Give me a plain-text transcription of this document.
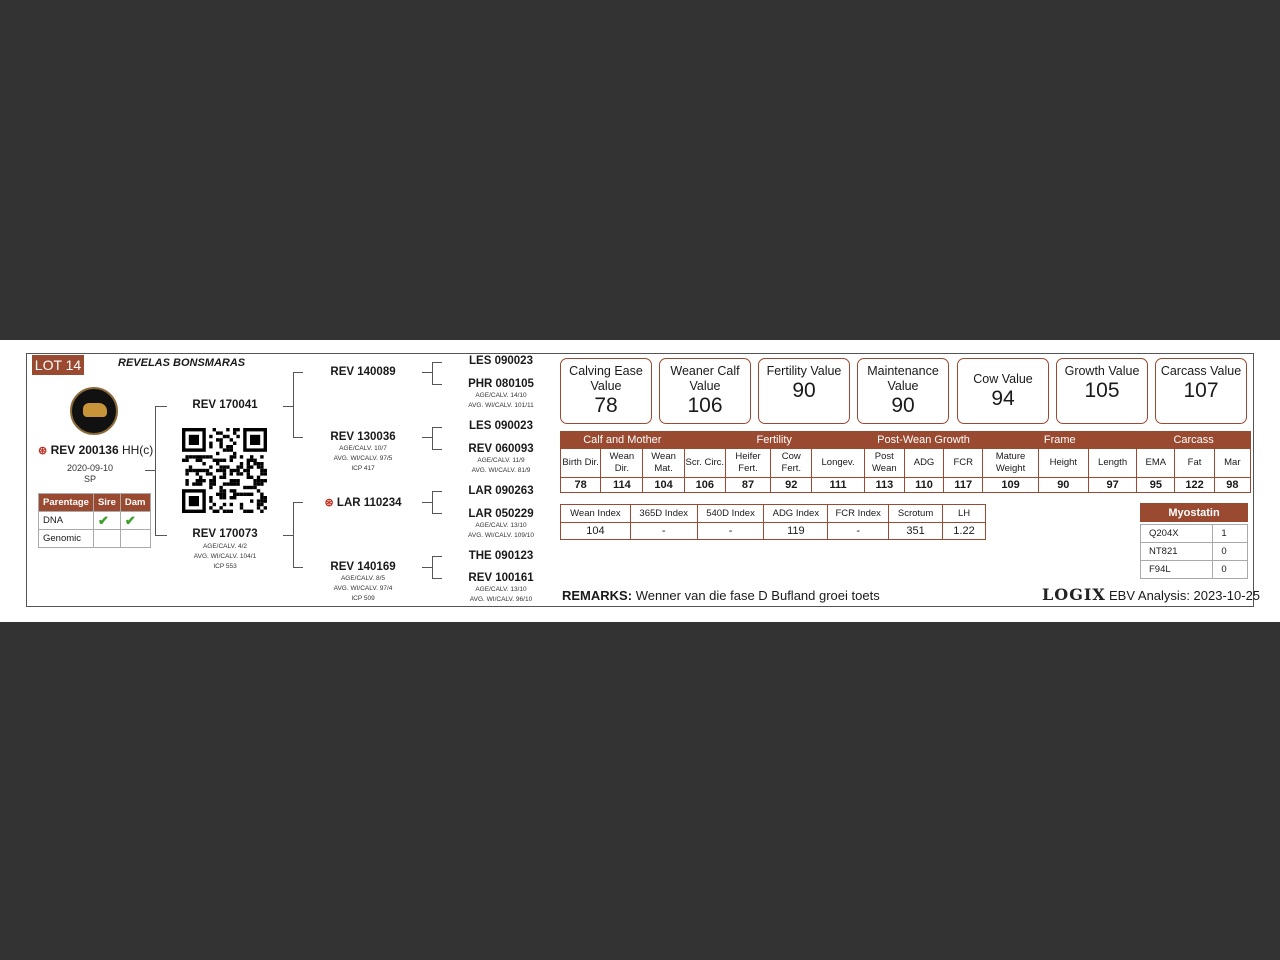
LOT 14	REVELAS BONSMARAS
⊛ REV 200136 HH(c)
2020-09-10
SP
Parentage	Sire	Dam
DNA	✔	✔
Genomic		
REV 170041
REV 170073
AGE/CALV. 4/2
AVG. WI/CALV. 104/1
ICP 553
REV 140089
REV 130036
AGE/CALV. 10/7
AVG. WI/CALV. 97/5
ICP 417
⊛ LAR 110234
REV 140169
AGE/CALV. 8/5
AVG. WI/CALV. 97/4
ICP 509
LES 090023
PHR 080105
AGE/CALV. 14/10
AVG. WI/CALV. 101/11
LES 090023
REV 060093
AGE/CALV. 11/9
AVG. WI/CALV. 81/9
LAR 090263
LAR 050229
AGE/CALV. 13/10
AVG. WI/CALV. 109/10
THE 090123
REV 100161
AGE/CALV. 13/10
AVG. WI/CALV. 96/10
Calving Ease Value
78
Weaner Calf Value
106
Fertility Value
90
Maintenance Value
90
Cow Value
94
Growth Value
105
Carcass Value
107
Calf and Mother			Fertility				Post-Wean Growth			Frame			Carcass		
Birth Dir.	Wean Dir.	Wean Mat.	Scr. Circ.	Heifer Fert.	Cow Fert.	Longev.	Post Wean	ADG	FCR	Mature Weight	Height	Length	EMA	Fat	Mar
78	114	104	106	87	92	111	113	110	117	109	90	97	95	122	98
Wean Index	365D Index	540D Index	ADG Index	FCR Index	Scrotum	LH
104	-	-	119	-	351	1.22
Myostatin	

Q204X	1
NT821	0
F94L	0
REMARKS: Wenner van die fase D Bufland groei toets	LOGIX EBV Analysis: 2023-10-25
